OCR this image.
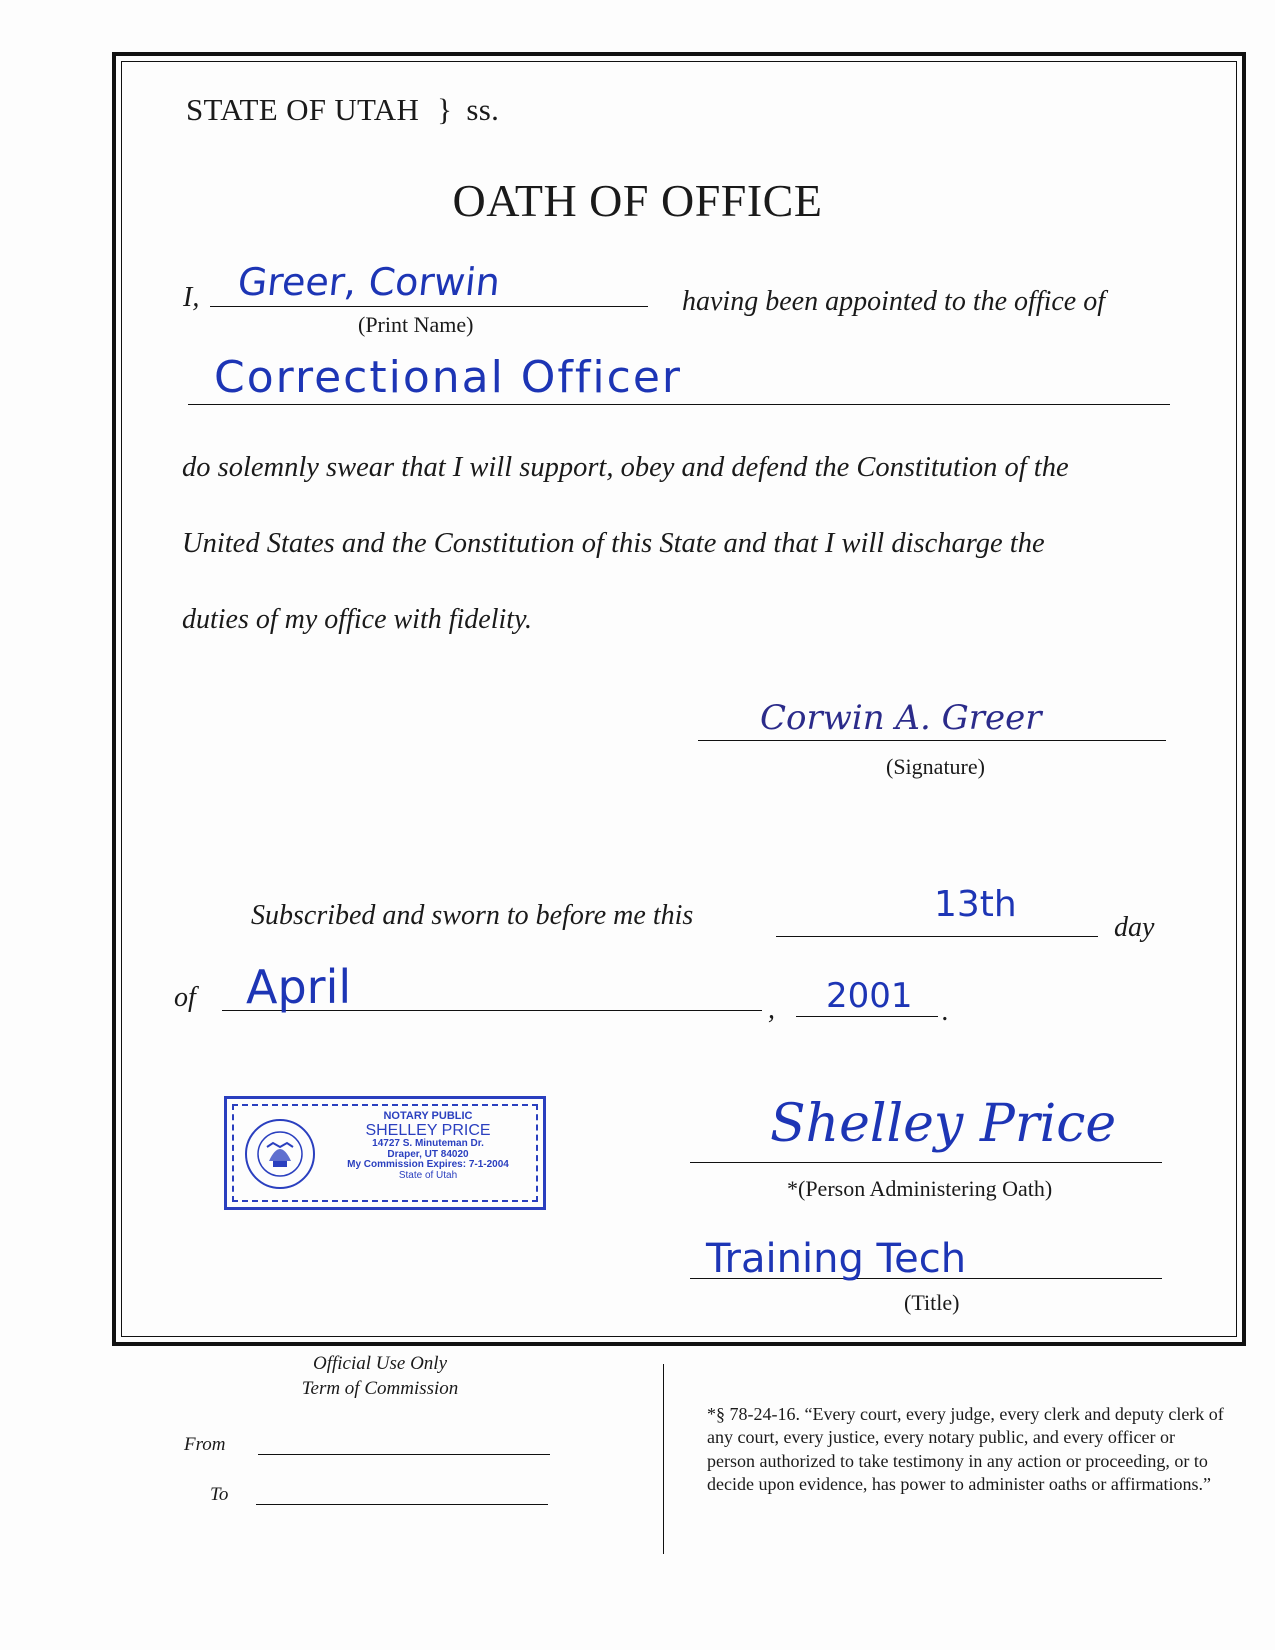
STATE OF UTAH } ss.
OATH OF OFFICE
I, Greer, Corwin
(Print Name)
having been appointed to the office of
Correctional Officer
do solemnly swear that I will support, obey and defend the Constitution of the
United States and the Constitution of this State and that I will discharge the
duties of my office with fidelity.
Corwin A. Greer
(Signature)
Subscribed and sworn to before me this	13th
day
of April	, 2001 .
NOTARY PUBLIC
SHELLEY PRICE
14727 S. Minuteman Dr.
Draper, UT 84020
My Commission Expires: 7-1-2004
State of Utah
Shelley Price
*(Person Administering Oath)
Training Tech
(Title)
Official Use Only
Term of Commission
From
To
*§ 78-24-16. “Every court, every judge, every clerk and deputy clerk of any court, every justice, every notary public, and every officer or person authorized to take testimony in any action or proceeding, or to decide upon evidence, has power to administer oaths or affirmations.”
